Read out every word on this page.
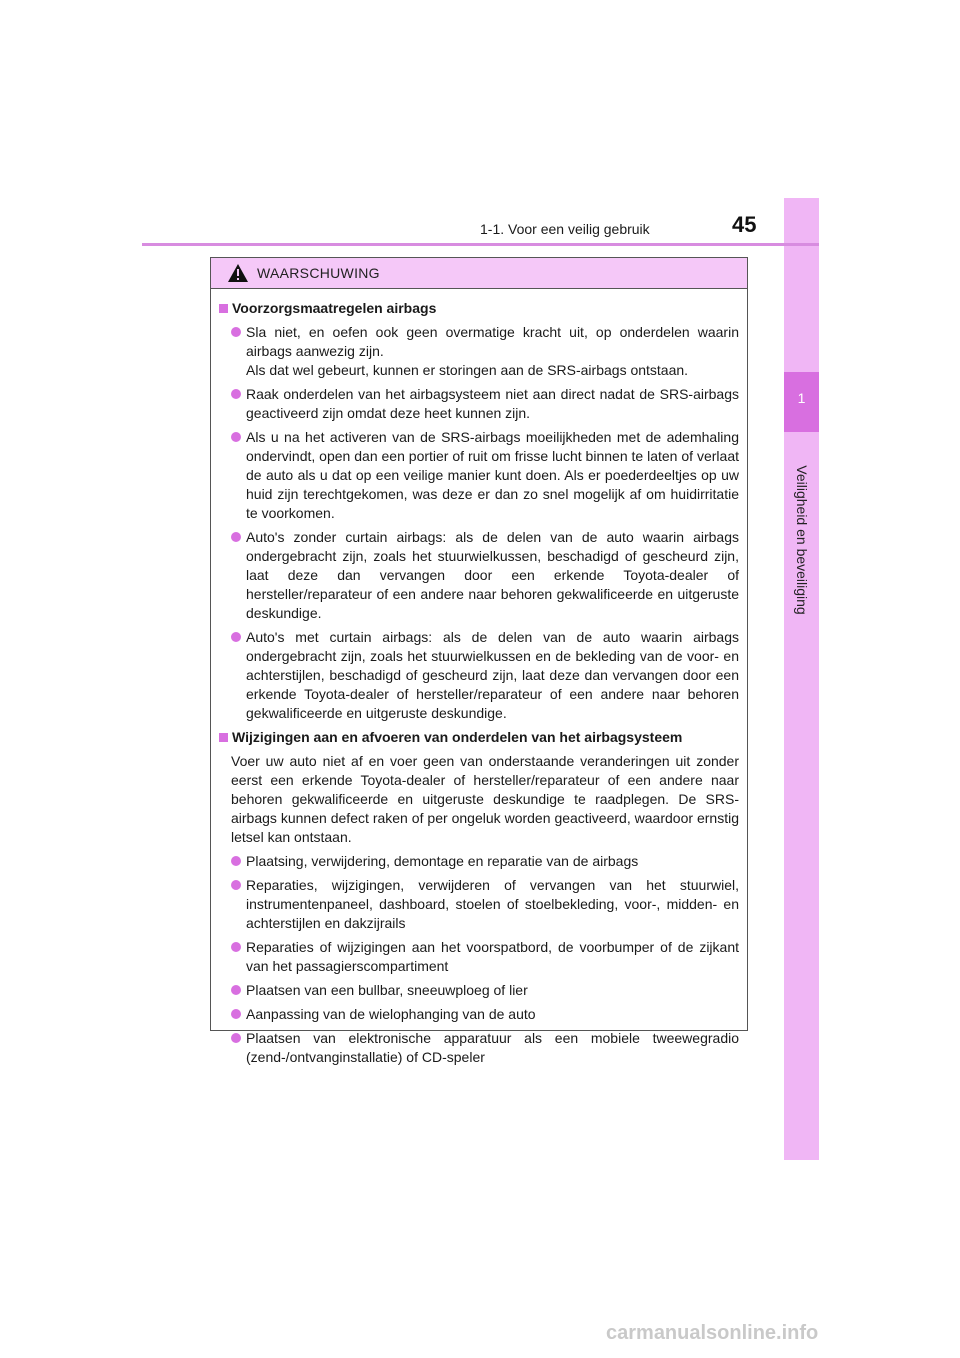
1
Veiligheid en beveiliging
1-1. Voor een veilig gebruik	45
WAARSCHUWING
Voorzorgsmaatregelen airbags
Sla niet, en oefen ook geen overmatige kracht uit, op onderdelen waarin airbags aanwezig zijn.
Als dat wel gebeurt, kunnen er storingen aan de SRS-airbags ontstaan.
Raak onderdelen van het airbagsysteem niet aan direct nadat de SRS-airbags geactiveerd zijn omdat deze heet kunnen zijn.
Als u na het activeren van de SRS-airbags moeilijkheden met de ademhaling ondervindt, open dan een portier of ruit om frisse lucht binnen te laten of verlaat de auto als u dat op een veilige manier kunt doen. Als er poederdeeltjes op uw huid zijn terechtgekomen, was deze er dan zo snel mogelijk af om huidirritatie te voorkomen.
Auto's zonder curtain airbags: als de delen van de auto waarin airbags ondergebracht zijn, zoals het stuurwielkussen, beschadigd of gescheurd zijn, laat deze dan vervangen door een erkende Toyota-dealer of hersteller/reparateur of een andere naar behoren gekwalificeerde en uitgeruste deskundige.
Auto's met curtain airbags: als de delen van de auto waarin airbags ondergebracht zijn, zoals het stuurwielkussen en de bekleding van de voor- en achterstijlen, beschadigd of gescheurd zijn, laat deze dan vervangen door een erkende Toyota-dealer of hersteller/reparateur of een andere naar behoren gekwalificeerde en uitgeruste deskundige.
Wijzigingen aan en afvoeren van onderdelen van het airbagsysteem
Voer uw auto niet af en voer geen van onderstaande veranderingen uit zonder eerst een erkende Toyota-dealer of hersteller/reparateur of een andere naar behoren gekwalificeerde en uitgeruste deskundige te raadplegen. De SRS-airbags kunnen defect raken of per ongeluk worden geactiveerd, waardoor ernstig letsel kan ontstaan.
Plaatsing, verwijdering, demontage en reparatie van de airbags
Reparaties, wijzigingen, verwijderen of vervangen van het stuurwiel, instrumentenpaneel, dashboard, stoelen of stoelbekleding, voor-, midden- en achterstijlen en dakzijrails
Reparaties of wijzigingen aan het voorspatbord, de voorbumper of de zijkant van het passagierscompartiment
Plaatsen van een bullbar, sneeuwploeg of lier
Aanpassing van de wielophanging van de auto
Plaatsen van elektronische apparatuur als een mobiele tweewegradio (zend-/ontvanginstallatie) of CD-speler
carmanualsonline.info
